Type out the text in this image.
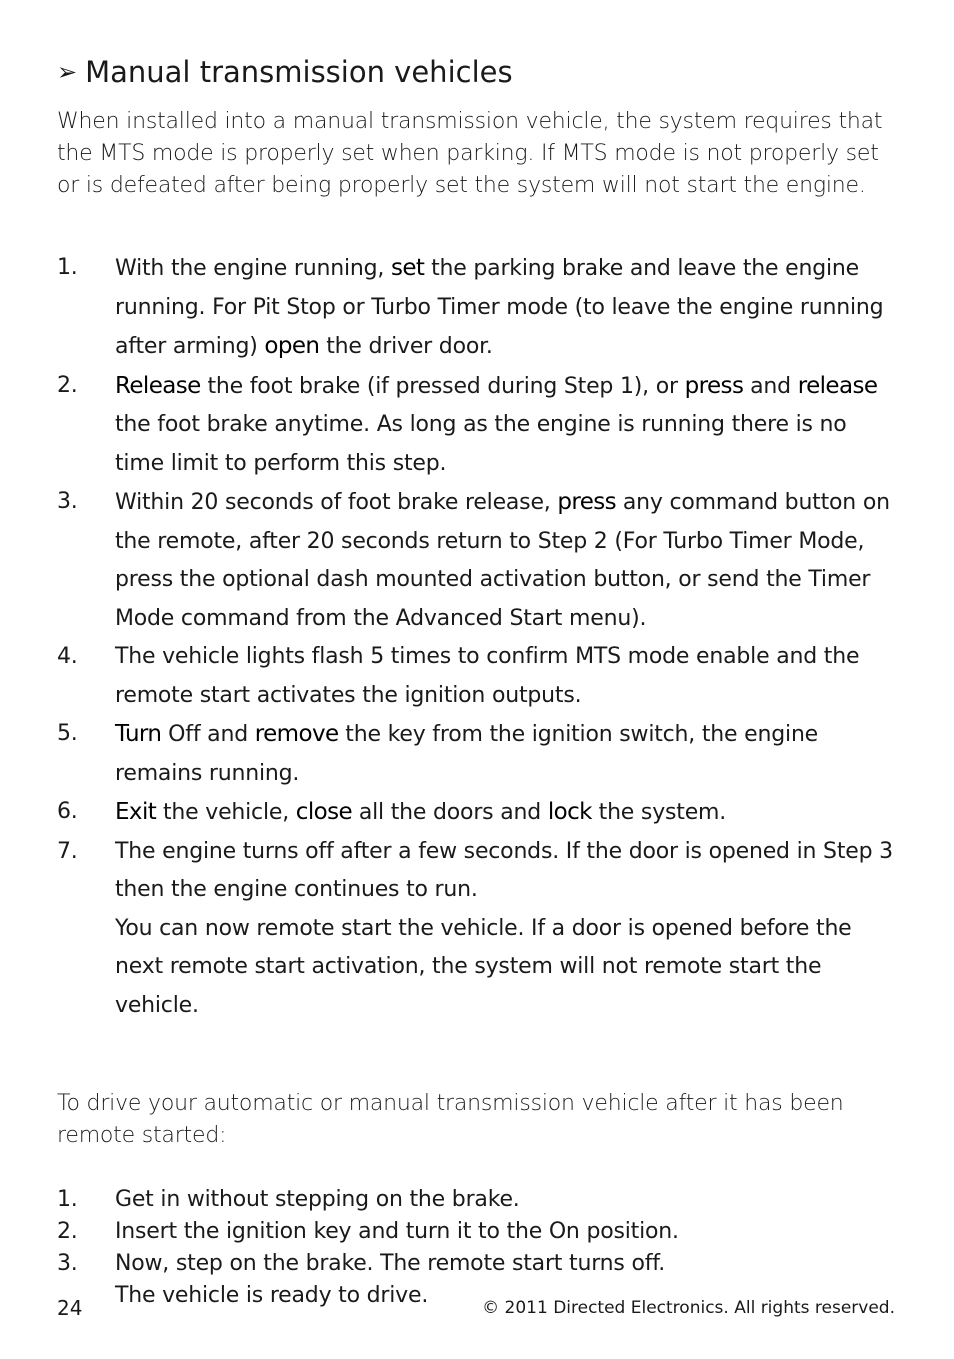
➢ Manual transmission vehicles

When installed into a manual transmission vehicle, the system requires that the MTS mode is properly set when parking. If MTS mode is not properly set or is defeated after being properly set the system will not start the engine.

1. With the engine running, set the parking brake and leave the engine running. For Pit Stop or Turbo Timer mode (to leave the engine running after arming) open the driver door.
2. Release the foot brake (if pressed during Step 1), or press and release the foot brake anytime. As long as the engine is running there is no time limit to perform this step.
3. Within 20 seconds of foot brake release, press any command button on the remote, after 20 seconds return to Step 2 (For Turbo Timer Mode, press the optional dash mounted activation button, or send the Timer Mode command from the Advanced Start menu).
4. The vehicle lights flash 5 times to confirm MTS mode enable and the remote start activates the ignition outputs.
5. Turn Off and remove the key from the ignition switch, the engine remains running.
6. Exit the vehicle, close all the doors and lock the system.
7. The engine turns off after a few seconds. If the door is opened in Step 3 then the engine continues to run.
You can now remote start the vehicle. If a door is opened before the next remote start activation, the system will not remote start the vehicle.

To drive your automatic or manual transmission vehicle after it has been remote started:

1. Get in without stepping on the brake.
2. Insert the ignition key and turn it to the On position.
3. Now, step on the brake. The remote start turns off.
The vehicle is ready to drive.
24	© 2011 Directed Electronics. All rights reserved.
